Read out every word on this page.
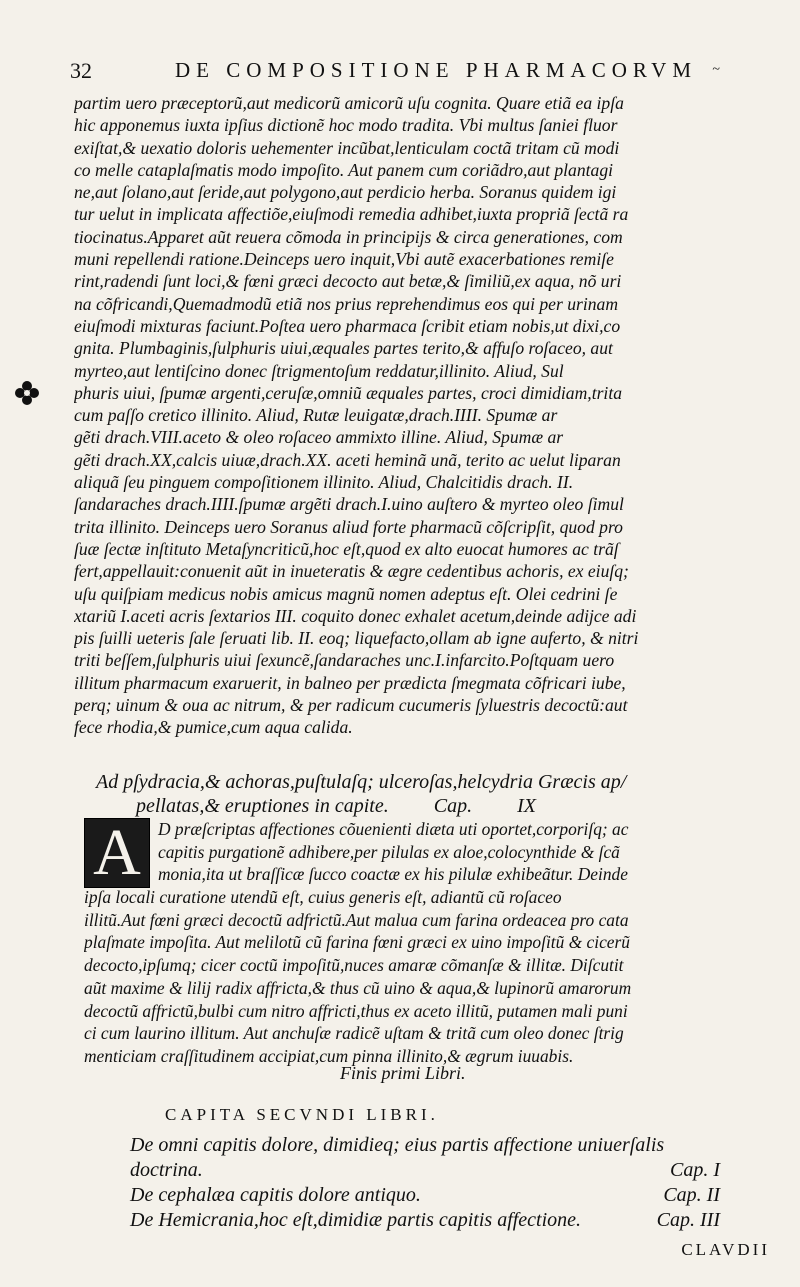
32	DE COMPOSITIONE PHARMACORVM ~
partim uero præceptorũ,aut medicorũ amicorũ uſu cognita. Quare etiã ea ipſa
hic apponemus iuxta ipſius dictionẽ hoc modo tradita. Vbi multus ſaniei fluor
exiſtat,& uexatio doloris uehementer incũbat,lenticulam coctã tritam cũ modi
co melle cataplaſmatis modo impoſito. Aut panem cum coriãdro,aut plantagi
ne,aut ſolano,aut ſeride,aut polygono,aut perdicio herba. Soranus quidem igi
tur uelut in implicata affectiõe,eiuſmodi remedia adhibet,iuxta propriã ſectã ra
tiocinatus.Apparet aũt reuera cõmoda in principijs & circa generationes, com
muni repellendi ratione.Deinceps uero inquit,Vbi autẽ exacerbationes remiſe
rint,radendi ſunt loci,& fœni græci decocto aut betæ,& ſimiliũ,ex aqua, nõ uri
na cõfricandi,Quemadmodũ etiã nos prius reprehendimus eos qui per urinam
eiuſmodi mixturas faciunt.Poſtea uero pharmaca ſcribit etiam nobis,ut dixi,co
gnita. Plumbaginis,ſulphuris uiui,æquales partes terito,& affuſo roſaceo, aut
myrteo,aut lentiſcino donec ſtrigmentoſum reddatur,illinito. Aliud, Sul
phuris uiui, ſpumæ argenti,ceruſæ,omniũ æquales partes, croci dimidiam,trita
cum paſſo cretico illinito. Aliud, Rutæ leuigatæ,drach.IIII. Spumæ ar
gẽti drach.VIII.aceto & oleo roſaceo ammixto illine. Aliud, Spumæ ar
gẽti drach.XX,calcis uiuæ,drach.XX. aceti heminã unã, terito ac uelut liparan
aliquã ſeu pinguem compoſitionem illinito. Aliud, Chalcitidis drach. II.
ſandaraches drach.IIII.ſpumæ argẽti drach.I.uino auſtero & myrteo oleo ſimul
trita illinito. Deinceps uero Soranus aliud forte pharmacũ cõſcripſit, quod pro
ſuæ ſectæ inſtituto Metaſyncriticũ,hoc eſt,quod ex alto euocat humores ac trãſ
fert,appellauit:conuenit aũt in inueteratis & ægre cedentibus achoris, ex eiuſq;
uſu quiſpiam medicus nobis amicus magnũ nomen adeptus eſt. Olei cedrini ſe
xtariũ I.aceti acris ſextarios III. coquito donec exhalet acetum,deinde adijce adi
pis ſuilli ueteris ſale ſeruati lib. II. eoq; liquefacto,ollam ab igne auferto, & nitri
triti beſſem,ſulphuris uiui ſexuncẽ,ſandaraches unc.I.infarcito.Poſtquam uero
illitum pharmacum exaruerit, in balneo per prædicta ſmegmata cõfricari iube,
perq; uinum & oua ac nitrum, & per radicum cucumeris ſyluestris decoctũ:aut
fece rhodia,& pumice,cum aqua calida.
Ad pſydracia,& achoras,puſtulaſq; ulceroſas,helcydria Græcis ap/
pellatas,& eruptiones in capite. Cap. IX
A D præſcriptas affectiones cõuenienti diæta uti oportet,corporiſq; ac
capitis purgationẽ adhibere,per pilulas ex aloe,colocynthide & ſcã
monia,ita ut braſſicæ ſucco coactæ ex his pilulæ exhibeãtur. Deinde
ipſa locali curatione utendũ eſt, cuius generis eſt, adiantũ cũ roſaceo
illitũ.Aut fœni græci decoctũ adfrictũ.Aut malua cum farina ordeacea pro cata
plaſmate impoſita. Aut melilotũ cũ farina fœni græci ex uino impoſitũ & cicerũ
decocto,ipſumq; cicer coctũ impoſitũ,nuces amaræ cõmanſæ & illitæ. Diſcutit
aũt maxime & lilij radix affricta,& thus cũ uino & aqua,& lupinorũ amarorum
decoctũ affrictũ,bulbi cum nitro affricti,thus ex aceto illitũ, putamen mali puni
ci cum laurino illitum. Aut anchuſæ radicẽ uſtam & tritã cum oleo donec ſtrig
menticiam craſſitudinem accipiat,cum pinna illinito,& ægrum iuuabis.
Finis primi Libri.
CAPITA SECVNDI LIBRI.
De omni capitis dolore, dimidieq; eius partis affectione uniuerſalis
doctrina.	Cap. I
De cephalæa capitis dolore antiquo.	Cap. II
De Hemicrania,hoc eſt,dimidiæ partis capitis affectione.	Cap. III
CLAVDII
